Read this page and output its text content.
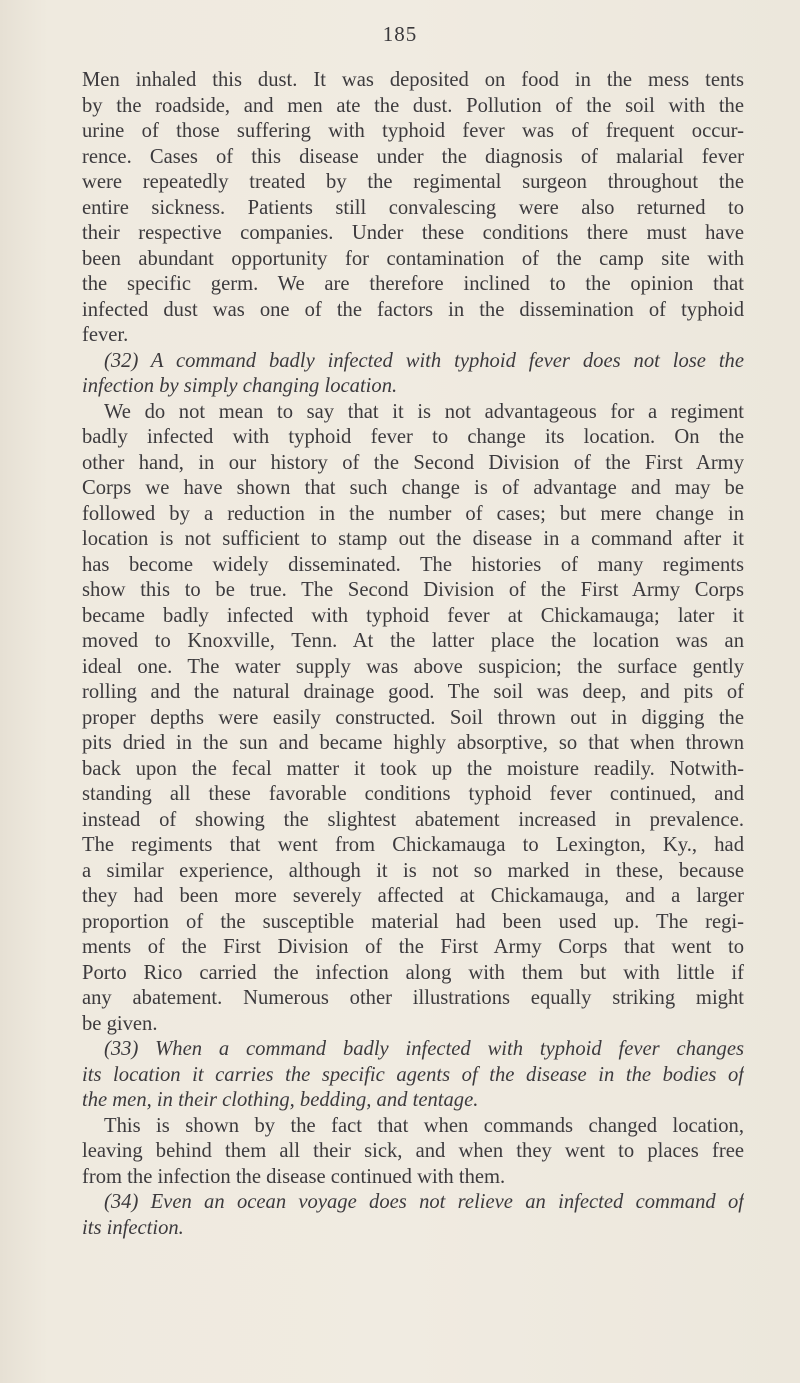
185
Men inhaled this dust. It was deposited on food in the mess tents
by the roadside, and men ate the dust. Pollution of the soil with the
urine of those suffering with typhoid fever was of frequent occur-
rence. Cases of this disease under the diagnosis of malarial fever
were repeatedly treated by the regimental surgeon throughout the
entire sickness. Patients still convalescing were also returned to
their respective companies. Under these conditions there must have
been abundant opportunity for contamination of the camp site with
the specific germ. We are therefore inclined to the opinion that
infected dust was one of the factors in the dissemination of typhoid
fever.
(32) A command badly infected with typhoid fever does not lose the
infection by simply changing location.
We do not mean to say that it is not advantageous for a regiment
badly infected with typhoid fever to change its location. On the
other hand, in our history of the Second Division of the First Army
Corps we have shown that such change is of advantage and may be
followed by a reduction in the number of cases; but mere change in
location is not sufficient to stamp out the disease in a command after it
has become widely disseminated. The histories of many regiments
show this to be true. The Second Division of the First Army Corps
became badly infected with typhoid fever at Chickamauga; later it
moved to Knoxville, Tenn. At the latter place the location was an
ideal one. The water supply was above suspicion; the surface gently
rolling and the natural drainage good. The soil was deep, and pits of
proper depths were easily constructed. Soil thrown out in digging the
pits dried in the sun and became highly absorptive, so that when thrown
back upon the fecal matter it took up the moisture readily. Notwith-
standing all these favorable conditions typhoid fever continued, and
instead of showing the slightest abatement increased in prevalence.
The regiments that went from Chickamauga to Lexington, Ky., had
a similar experience, although it is not so marked in these, because
they had been more severely affected at Chickamauga, and a larger
proportion of the susceptible material had been used up. The regi-
ments of the First Division of the First Army Corps that went to
Porto Rico carried the infection along with them but with little if
any abatement. Numerous other illustrations equally striking might
be given.
(33) When a command badly infected with typhoid fever changes
its location it carries the specific agents of the disease in the bodies of
the men, in their clothing, bedding, and tentage.
This is shown by the fact that when commands changed location,
leaving behind them all their sick, and when they went to places free
from the infection the disease continued with them.
(34) Even an ocean voyage does not relieve an infected command of
its infection.
